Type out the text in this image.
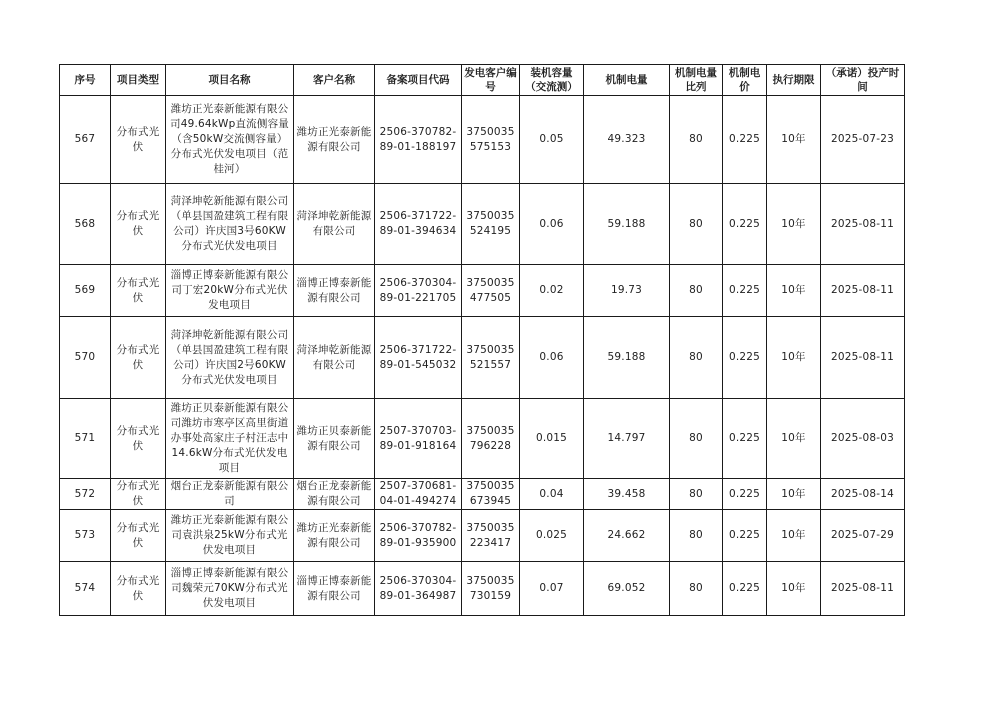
序号	项目类型	项目名称	客户名称	备案项目代码	发电客户编号	装机容量（交流测）	机制电量	机制电量比列	机制电价	执行期限	（承诺）投产时间
567	分布式光伏	潍坊正光泰新能源有限公司49.64kWp直流侧容量（含50kW交流侧容量）分布式光伏发电项目（范桂河）	潍坊正光泰新能源有限公司	2506-370782-89-01-188197	3750035575153	0.05	49.323	80	0.225	10年	2025-07-23
568	分布式光伏	菏泽坤乾新能源有限公司（单县国盈建筑工程有限公司）许庆国3号60KW分布式光伏发电项目	菏泽坤乾新能源有限公司	2506-371722-89-01-394634	3750035524195	0.06	59.188	80	0.225	10年	2025-08-11
569	分布式光伏	淄博正博泰新能源有限公司丁宏20kW分布式光伏发电项目	淄博正博泰新能源有限公司	2506-370304-89-01-221705	3750035477505	0.02	19.73	80	0.225	10年	2025-08-11
570	分布式光伏	菏泽坤乾新能源有限公司（单县国盈建筑工程有限公司）许庆国2号60KW分布式光伏发电项目	菏泽坤乾新能源有限公司	2506-371722-89-01-545032	3750035521557	0.06	59.188	80	0.225	10年	2025-08-11
571	分布式光伏	潍坊正贝泰新能源有限公司潍坊市寒亭区高里街道办事处高家庄子村汪志中14.6kW分布式光伏发电项目	潍坊正贝泰新能源有限公司	2507-370703-89-01-918164	3750035796228	0.015	14.797	80	0.225	10年	2025-08-03
572	分布式光伏	烟台正龙泰新能源有限公司	烟台正龙泰新能源有限公司	2507-370681-04-01-494274	3750035673945	0.04	39.458	80	0.225	10年	2025-08-14
573	分布式光伏	潍坊正光泰新能源有限公司袁洪泉25kW分布式光伏发电项目	潍坊正光泰新能源有限公司	2506-370782-89-01-935900	3750035223417	0.025	24.662	80	0.225	10年	2025-07-29
574	分布式光伏	淄博正博泰新能源有限公司魏荣元70KW分布式光伏发电项目	淄博正博泰新能源有限公司	2506-370304-89-01-364987	3750035730159	0.07	69.052	80	0.225	10年	2025-08-11
